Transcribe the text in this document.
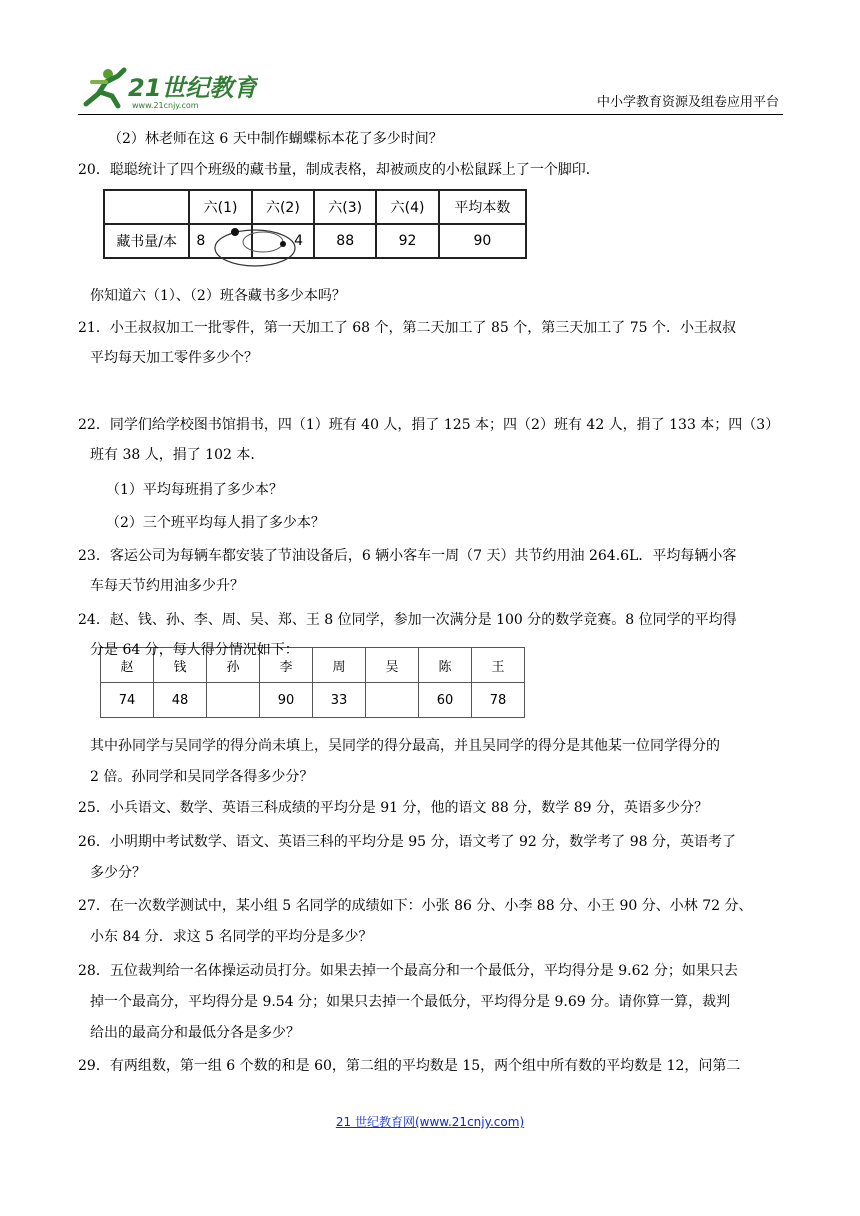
21世纪教育
www.21cnjy.com	中小学教育资源及组卷应用平台
	六(1)	六(2)	六(3)	六(4)	平均本数
藏书量/本	8	4	88	92	90
赵	钱	孙	李	周	吴	陈	王
74	48		90	33		60	78
21 世纪教育网(www.21cnjy.com)
（2）林老师在这 6 天中制作蝴蝶标本花了多少时间？
20．聪聪统计了四个班级的藏书量，制成表格，却被顽皮的小松鼠踩上了一个脚印．
你知道六（1）、（2）班各藏书多少本吗？
21．小王叔叔加工一批零件，第一天加工了 68 个，第二天加工了 85 个，第三天加工了 75 个．小王叔叔
平均每天加工零件多少个？
22．同学们给学校图书馆捐书，四（1）班有 40 人，捐了 125 本；四（2）班有 42 人，捐了 133 本；四（3）
班有 38 人，捐了 102 本．
（1）平均每班捐了多少本？
（2）三个班平均每人捐了多少本？
23．客运公司为每辆车都安装了节油设备后，6 辆小客车一周（7 天）共节约用油 264.6L．平均每辆小客
车每天节约用油多少升？
24．赵、钱、孙、李、周、吴、郑、王 8 位同学，参加一次满分是 100 分的数学竞赛。8 位同学的平均得
分是 64 分，每人得分情况如下：
其中孙同学与吴同学的得分尚未填上，吴同学的得分最高，并且吴同学的得分是其他某一位同学得分的
2 倍。孙同学和吴同学各得多少分？
25．小兵语文、数学、英语三科成绩的平均分是 91 分，他的语文 88 分，数学 89 分，英语多少分？
26．小明期中考试数学、语文、英语三科的平均分是 95 分，语文考了 92 分，数学考了 98 分，英语考了
多少分？
27．在一次数学测试中，某小组 5 名同学的成绩如下：小张 86 分、小李 88 分、小王 90 分、小林 72 分、
小东 84 分．求这 5 名同学的平均分是多少？
28．五位裁判给一名体操运动员打分。如果去掉一个最高分和一个最低分，平均得分是 9.62 分；如果只去
掉一个最高分，平均得分是 9.54 分；如果只去掉一个最低分，平均得分是 9.69 分。请你算一算，裁判
给出的最高分和最低分各是多少？
29．有两组数，第一组 6 个数的和是 60，第二组的平均数是 15，两个组中所有数的平均数是 12，问第二
